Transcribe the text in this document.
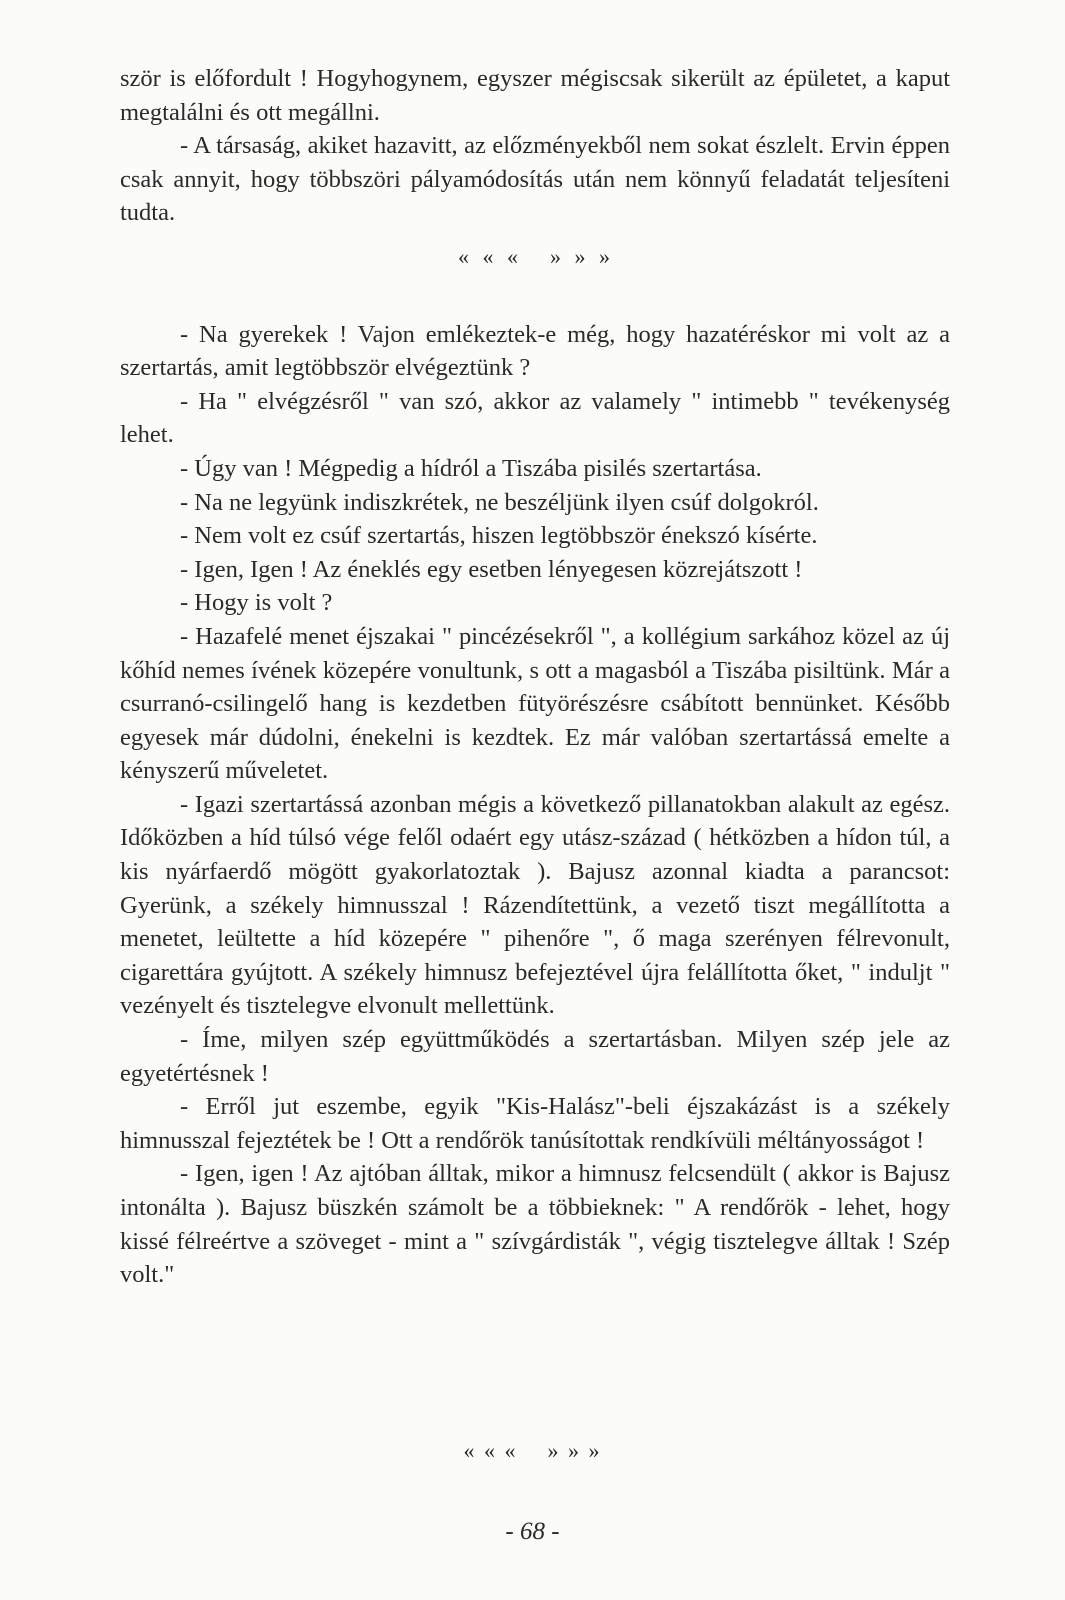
ször is előfordult ! Hogyhogynem, egyszer mégiscsak sikerült az épületet, a kaput megtalálni és ott megállni.

- A társaság, akiket hazavitt, az előzményekből nem sokat észlelt. Ervin éppen csak annyit, hogy többszöri pályamódosítás után nem könnyű feladatát teljesíteni tudta.

« « « » » »

- Na gyerekek ! Vajon emlékeztek-e még, hogy hazatéréskor mi volt az a szertartás, amit legtöbbször elvégeztünk ?

- Ha " elvégzésről " van szó, akkor az valamely " intimebb " tevékenység lehet.

- Úgy van ! Mégpedig a hídról a Tiszába pisilés szertartása.

- Na ne legyünk indiszkrétek, ne beszéljünk ilyen csúf dolgokról.

- Nem volt ez csúf szertartás, hiszen legtöbbször énekszó kísérte.

- Igen, Igen ! Az éneklés egy esetben lényegesen közrejátszott !

- Hogy is volt ?

- Hazafelé menet éjszakai " pincézésekről ", a kollégium sarkához közel az új kőhíd nemes ívének közepére vonultunk, s ott a magasból a Tiszába pisiltünk. Már a csurranó-csilingelő hang is kezdetben fütyörészésre csábított bennünket. Később egyesek már dúdolni, énekelni is kezdtek. Ez már valóban szertartássá emelte a kényszerű műveletet.

- Igazi szertartássá azonban mégis a következő pillanatokban alakult az egész. Időközben a híd túlsó vége felől odaért egy utász-század ( hétközben a hídon túl, a kis nyárfaerdő mögött gyakorlatoztak ). Bajusz azonnal kiadta a parancsot: Gyerünk, a székely himnusszal ! Rázendítettünk, a vezető tiszt megállította a menetet, leültette a híd közepére " pihenőre ", ő maga szerényen félrevonult, cigarettára gyújtott. A székely himnusz befejeztével újra felállította őket, " induljt " vezényelt és tisztelegve elvonult mellettünk.

- Íme, milyen szép együttműködés a szertartásban. Milyen szép jele az egyetértésnek !

- Erről jut eszembe, egyik "Kis-Halász"-beli éjszakázást is a székely himnusszal fejeztétek be ! Ott a rendőrök tanúsítottak rendkívüli méltányosságot !

- Igen, igen ! Az ajtóban álltak, mikor a himnusz felcsendült ( akkor is Bajusz intonálta ). Bajusz büszkén számolt be a többieknek: " A rendőrök - lehet, hogy kissé félreértve a szöveget - mint a " szívgárdisták ", végig tisztelegve álltak ! Szép volt."

« « « » » »
- 68 -
